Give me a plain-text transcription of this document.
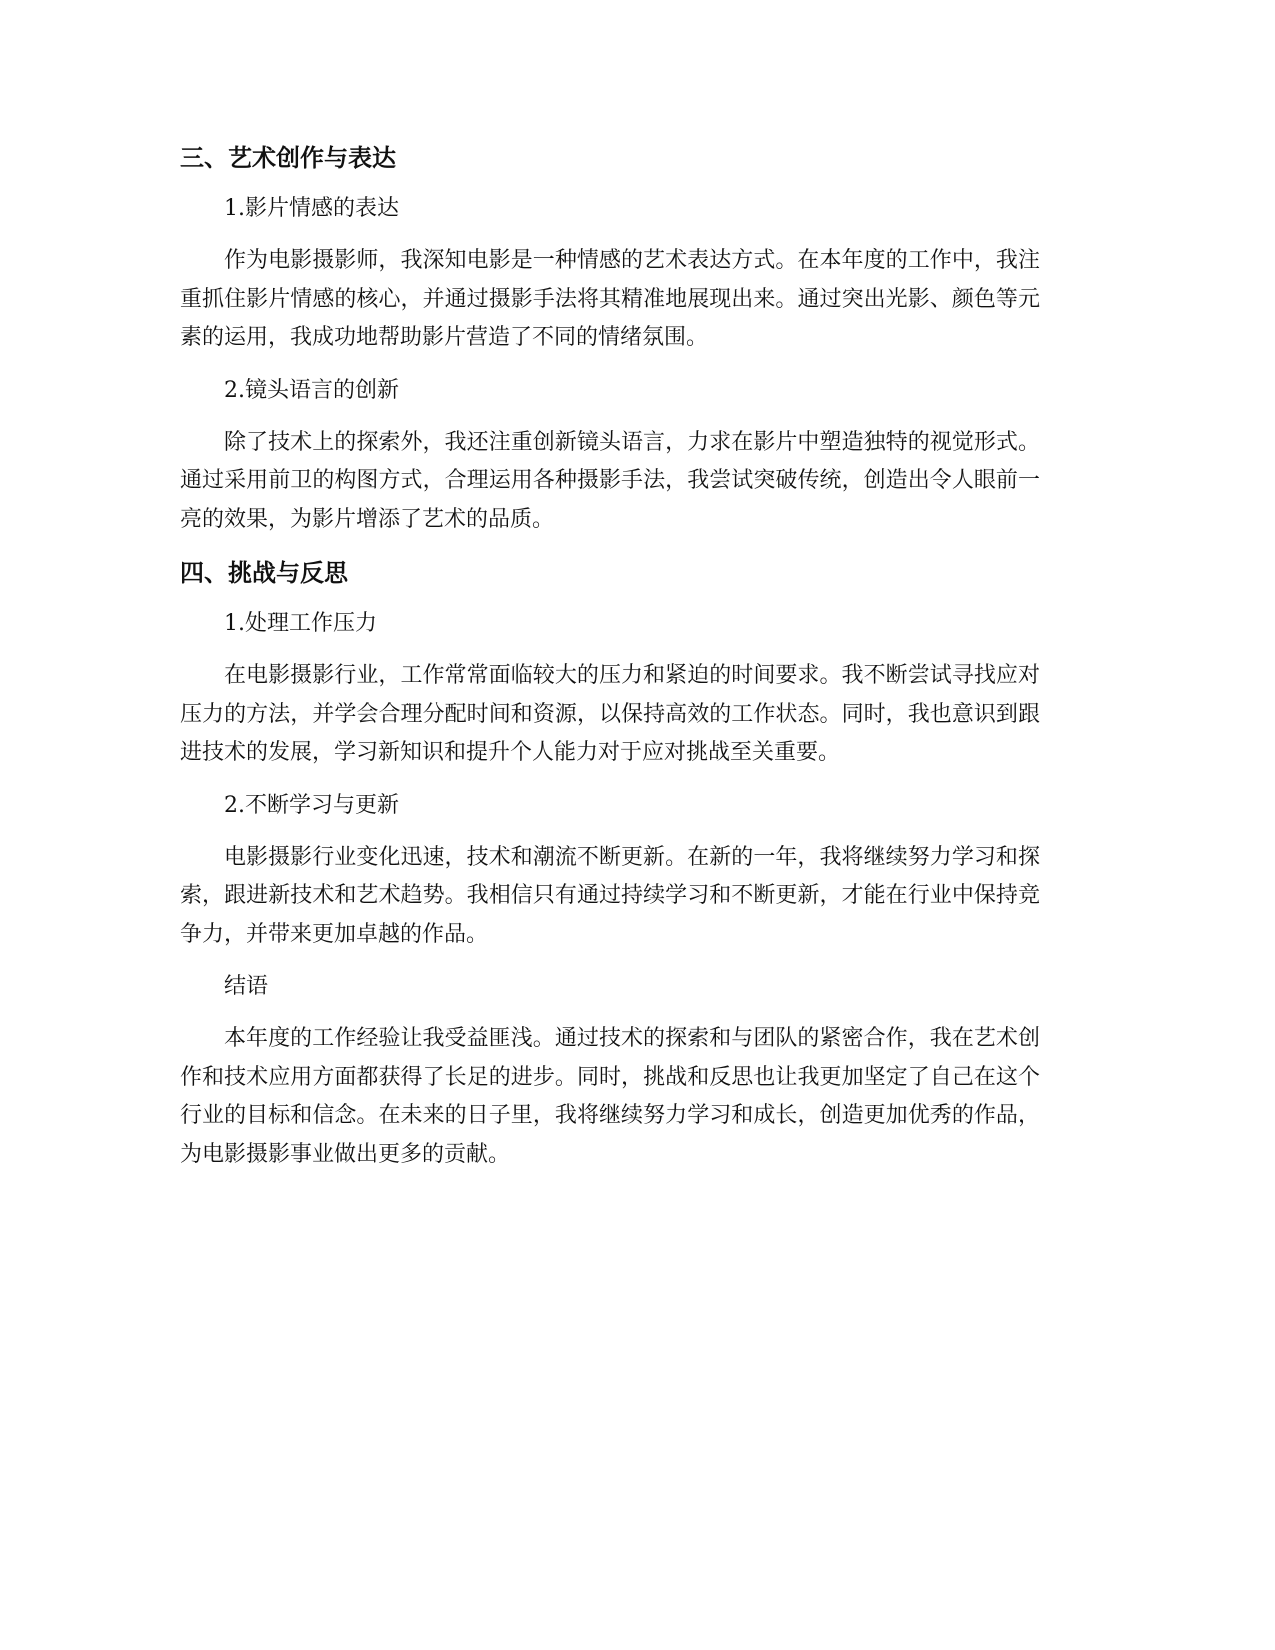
三、艺术创作与表达

1.影片情感的表达

作为电影摄影师，我深知电影是一种情感的艺术表达方式。在本年度的工作中，我注重抓住影片情感的核心，并通过摄影手法将其精准地展现出来。通过突出光影、颜色等元素的运用，我成功地帮助影片营造了不同的情绪氛围。

2.镜头语言的创新

除了技术上的探索外，我还注重创新镜头语言，力求在影片中塑造独特的视觉形式。通过采用前卫的构图方式，合理运用各种摄影手法，我尝试突破传统，创造出令人眼前一亮的效果，为影片增添了艺术的品质。

四、挑战与反思

1.处理工作压力

在电影摄影行业，工作常常面临较大的压力和紧迫的时间要求。我不断尝试寻找应对压力的方法，并学会合理分配时间和资源，以保持高效的工作状态。同时，我也意识到跟进技术的发展，学习新知识和提升个人能力对于应对挑战至关重要。

2.不断学习与更新

电影摄影行业变化迅速，技术和潮流不断更新。在新的一年，我将继续努力学习和探索，跟进新技术和艺术趋势。我相信只有通过持续学习和不断更新，才能在行业中保持竞争力，并带来更加卓越的作品。

结语

本年度的工作经验让我受益匪浅。通过技术的探索和与团队的紧密合作，我在艺术创作和技术应用方面都获得了长足的进步。同时，挑战和反思也让我更加坚定了自己在这个行业的目标和信念。在未来的日子里，我将继续努力学习和成长，创造更加优秀的作品，为电影摄影事业做出更多的贡献。
